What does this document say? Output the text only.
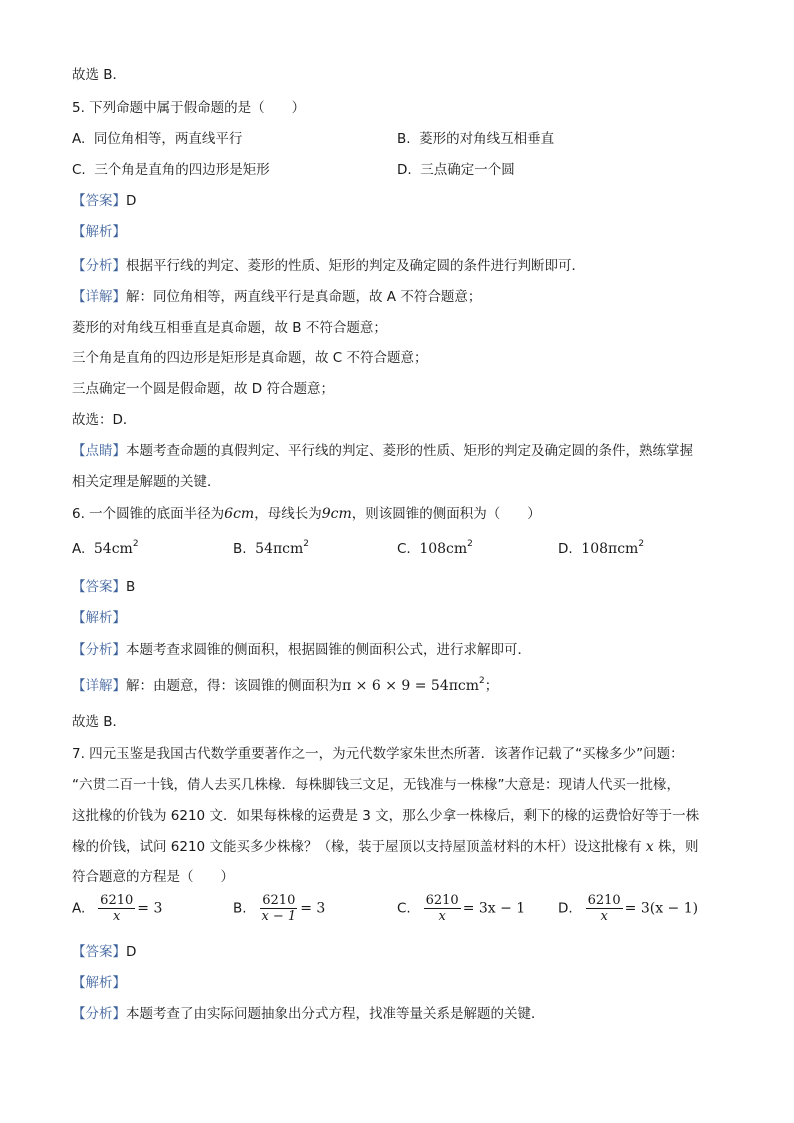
故选 B．
5. 下列命题中属于假命题的是（　　）
A. 同位角相等，两直线平行	B. 菱形的对角线互相垂直
C. 三个角是直角的四边形是矩形	D. 三点确定一个圆
【答案】D
【解析】
【分析】根据平行线的判定、菱形的性质、矩形的判定及确定圆的条件进行判断即可．
【详解】解：同位角相等，两直线平行是真命题，故 A 不符合题意；
菱形的对角线互相垂直是真命题，故 B 不符合题意；
三个角是直角的四边形是矩形是真命题，故 C 不符合题意；
三点确定一个圆是假命题，故 D 符合题意；
故选：D．
【点睛】本题考查命题的真假判定、平行线的判定、菱形的性质、矩形的判定及确定圆的条件，熟练掌握
相关定理是解题的关键．
6. 一个圆锥的底面半径为6cm，母线长为9cm，则该圆锥的侧面积为（　　）
A. $54cm^2$	B. 54πcm$^2$	C. $108cm^2$	D. 108πcm$^2$
【答案】B
【解析】
【分析】本题考查求圆锥的侧面积，根据圆锥的侧面积公式，进行求解即可．
【详解】解：由题意，得：该圆锥的侧面积为π × 6 × 9 = 54πcm$^2$；
故选 B．
7. 四元玉鉴是我国古代数学重要著作之一，为元代数学家朱世杰所著．该著作记载了“买椽多少”问题：
“六贯二百一十钱，倩人去买几株椽．每株脚钱三文足，无钱准与一株椽”大意是：现请人代买一批椽，
这批椽的价钱为 6210 文．如果每株椽的运费是 3 文，那么少拿一株椽后，剩下的椽的运费恰好等于一株
椽的价钱，试问 6210 文能买多少株椽？（椽，装于屋顶以支持屋顶盖材料的木杆）设这批椽有 x 株，则
符合题意的方程是（　　）
A. $\frac{6210}{x} = 3$	B. $\frac{6210}{x - 1} = 3$	C. $\frac{6210}{x} = 3x - 1$ D. $\frac{6210}{x} = 3(x - 1)$
【答案】D
【解析】
【分析】本题考查了由实际问题抽象出分式方程，找准等量关系是解题的关键．
